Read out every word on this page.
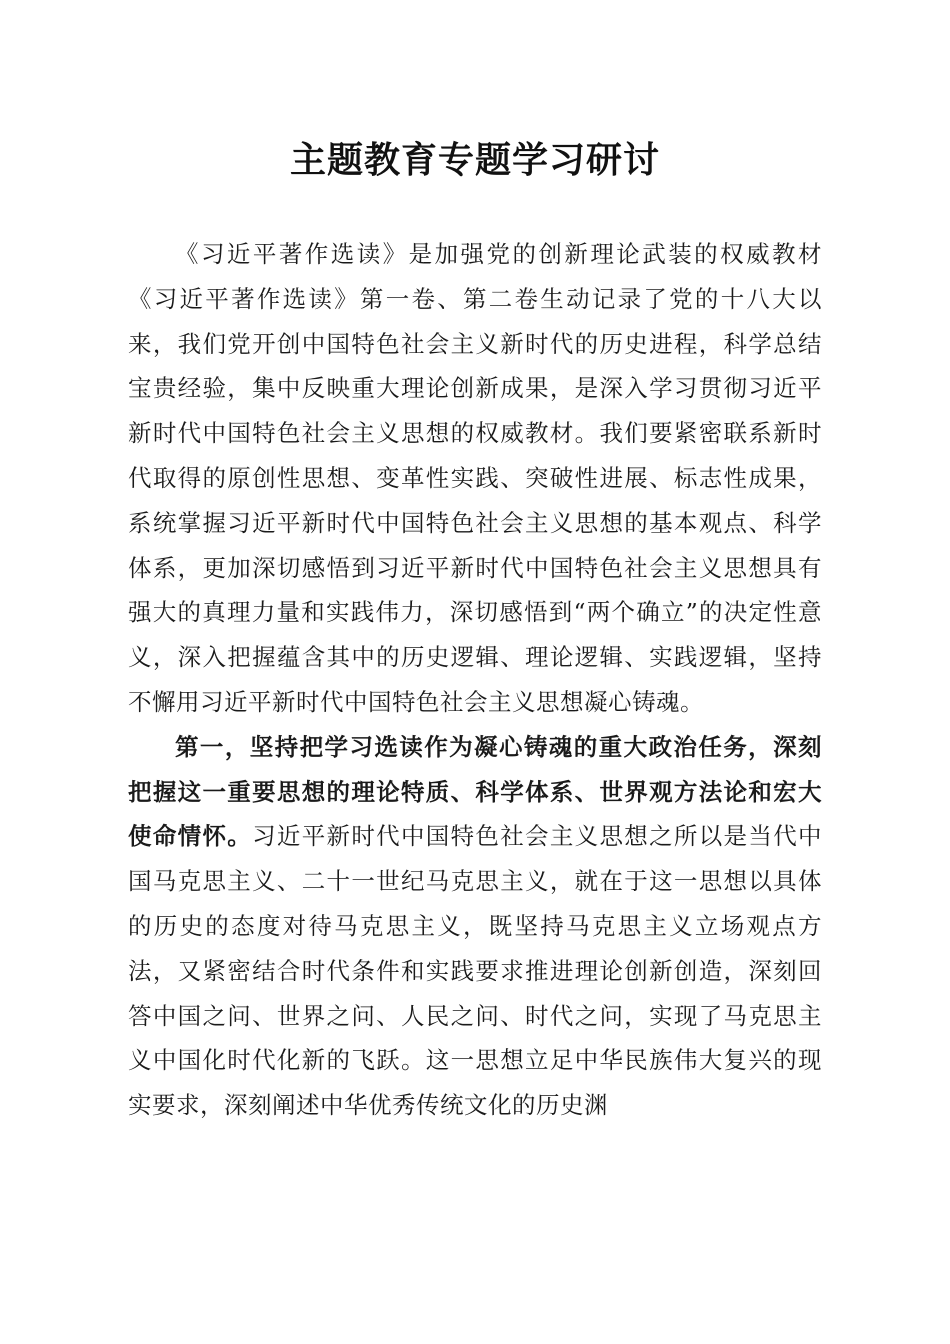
主题教育专题学习研讨

《习近平著作选读》是加强党的创新理论武装的权威教材《习近平著作选读》第一卷、第二卷生动记录了党的十八大以来，我们党开创中国特色社会主义新时代的历史进程，科学总结宝贵经验，集中反映重大理论创新成果，是深入学习贯彻习近平新时代中国特色社会主义思想的权威教材。我们要紧密联系新时代取得的原创性思想、变革性实践、突破性进展、标志性成果，系统掌握习近平新时代中国特色社会主义思想的基本观点、科学体系，更加深切感悟到习近平新时代中国特色社会主义思想具有强大的真理力量和实践伟力，深切感悟到“两个确立”的决定性意义，深入把握蕴含其中的历史逻辑、理论逻辑、实践逻辑，坚持不懈用习近平新时代中国特色社会主义思想凝心铸魂。

第一，坚持把学习选读作为凝心铸魂的重大政治任务，深刻把握这一重要思想的理论特质、科学体系、世界观方法论和宏大使命情怀。习近平新时代中国特色社会主义思想之所以是当代中国马克思主义、二十一世纪马克思主义，就在于这一思想以具体的历史的态度对待马克思主义，既坚持马克思主义立场观点方法，又紧密结合时代条件和实践要求推进理论创新创造，深刻回答中国之问、世界之问、人民之问、时代之问，实现了马克思主义中国化时代化新的飞跃。这一思想立足中华民族伟大复兴的现实要求，深刻阐述中华优秀传统文化的历史渊
